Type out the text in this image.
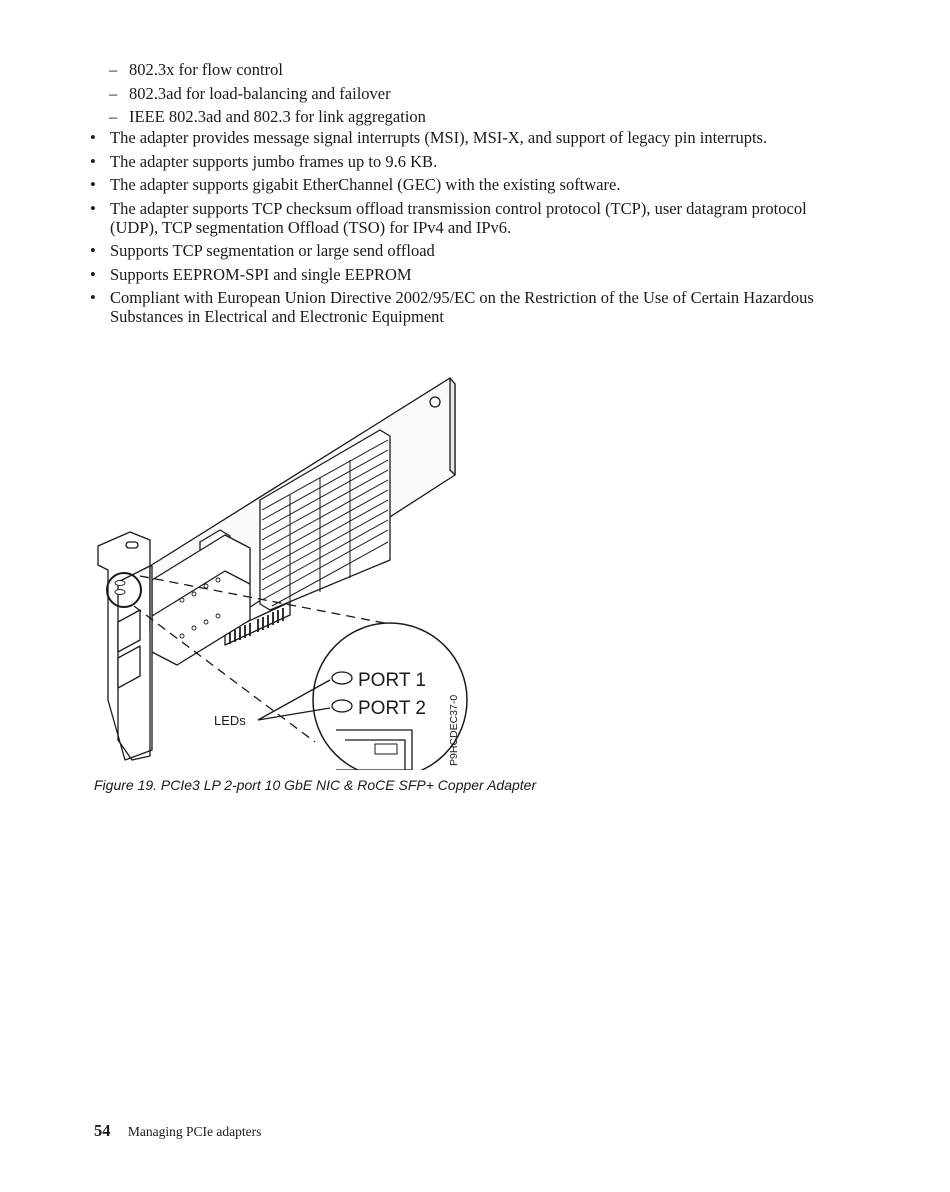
– 802.3x for flow control
– 802.3ad for load-balancing and failover
– IEEE 802.3ad and 802.3 for link aggregation
• The adapter provides message signal interrupts (MSI), MSI-X, and support of legacy pin interrupts.
• The adapter supports jumbo frames up to 9.6 KB.
• The adapter supports gigabit EtherChannel (GEC) with the existing software.
• The adapter supports TCP checksum offload transmission control protocol (TCP), user datagram protocol (UDP), TCP segmentation Offload (TSO) for IPv4 and IPv6.
• Supports TCP segmentation or large send offload
• Supports EEPROM-SPI and single EEPROM
• Compliant with European Union Directive 2002/95/EC on the Restriction of the Use of Certain Hazardous Substances in Electrical and Electronic Equipment
PORT 1
PORT 2
LEDs	P9HCDEC37-0
Figure 19. PCIe3 LP 2-port 10 GbE NIC & RoCE SFP+ Copper Adapter
54 Managing PCIe adapters
